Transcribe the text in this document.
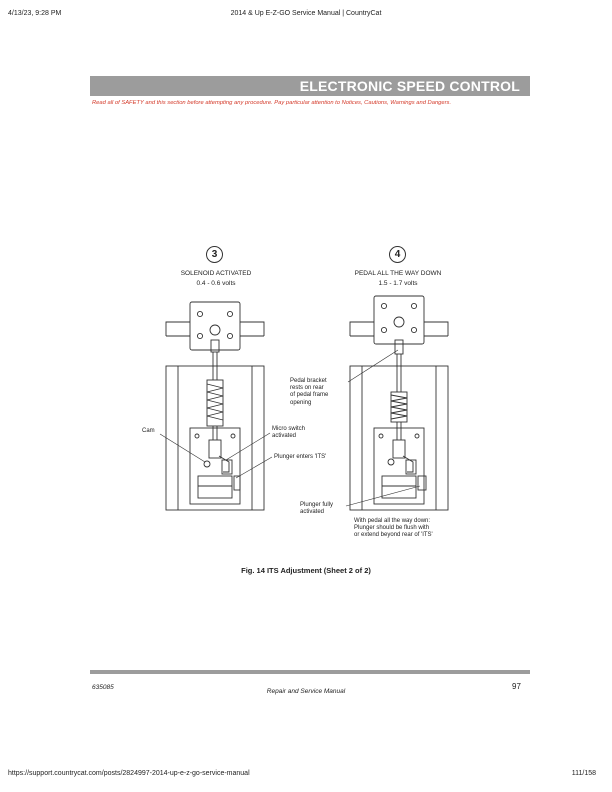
4/13/23, 9:28 PM	2014 & Up E-Z-GO Service Manual | CountryCat
ELECTRONIC SPEED CONTROL
Read all of SAFETY and this section before attempting any procedure. Pay particular attention to Notices, Cautions, Warnings and Dangers.
3
SOLENOID ACTIVATED
0.4 - 0.6 volts
4
PEDAL ALL THE WAY DOWN
1.5 - 1.7 volts
Cam	Micro switch
activated
Plunger enters 'ITS'
Pedal bracket
rests on rear
of pedal frame
opening
Plunger fully
activated
With pedal all the way down:
Plunger should be flush with
or extend beyond rear of 'ITS'
Fig. 14 ITS Adjustment (Sheet 2 of 2)
635085
Repair and Service Manual
97
https://support.countrycat.com/posts/2824997-2014-up-e-z-go-service-manual	111/158
